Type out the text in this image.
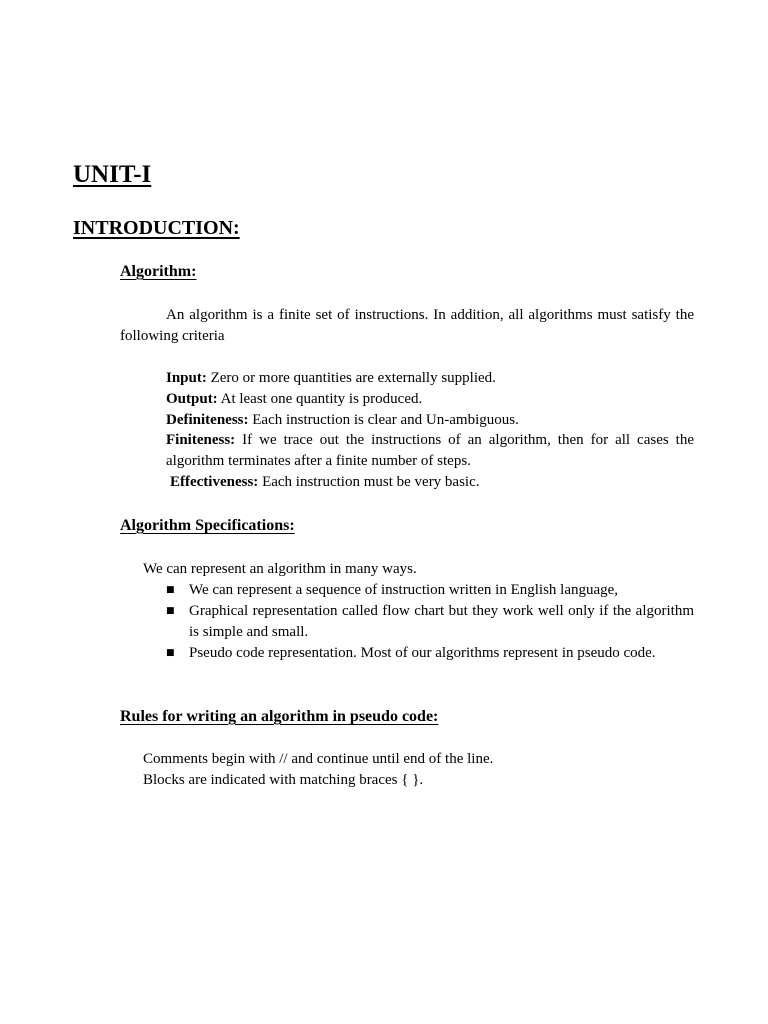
UNIT-I
INTRODUCTION:
Algorithm:

An algorithm is a finite set of instructions. In addition, all algorithms must satisfy the following criteria

Input: Zero or more quantities are externally supplied.
Output: At least one quantity is produced.
Definiteness: Each instruction is clear and Un-ambiguous.
Finiteness: If we trace out the instructions of an algorithm, then for all cases the algorithm terminates after a finite number of steps.
Effectiveness: Each instruction must be very basic.
Algorithm Specifications:

We can represent an algorithm in many ways.

■ We can represent a sequence of instruction written in English language,
■ Graphical representation called flow chart but they work well only if the algorithm is simple and small.
■ Pseudo code representation. Most of our algorithms represent in pseudo code.
Rules for writing an algorithm in pseudo code:
Comments begin with // and continue until end of the line.
Blocks are indicated with matching braces { }.
